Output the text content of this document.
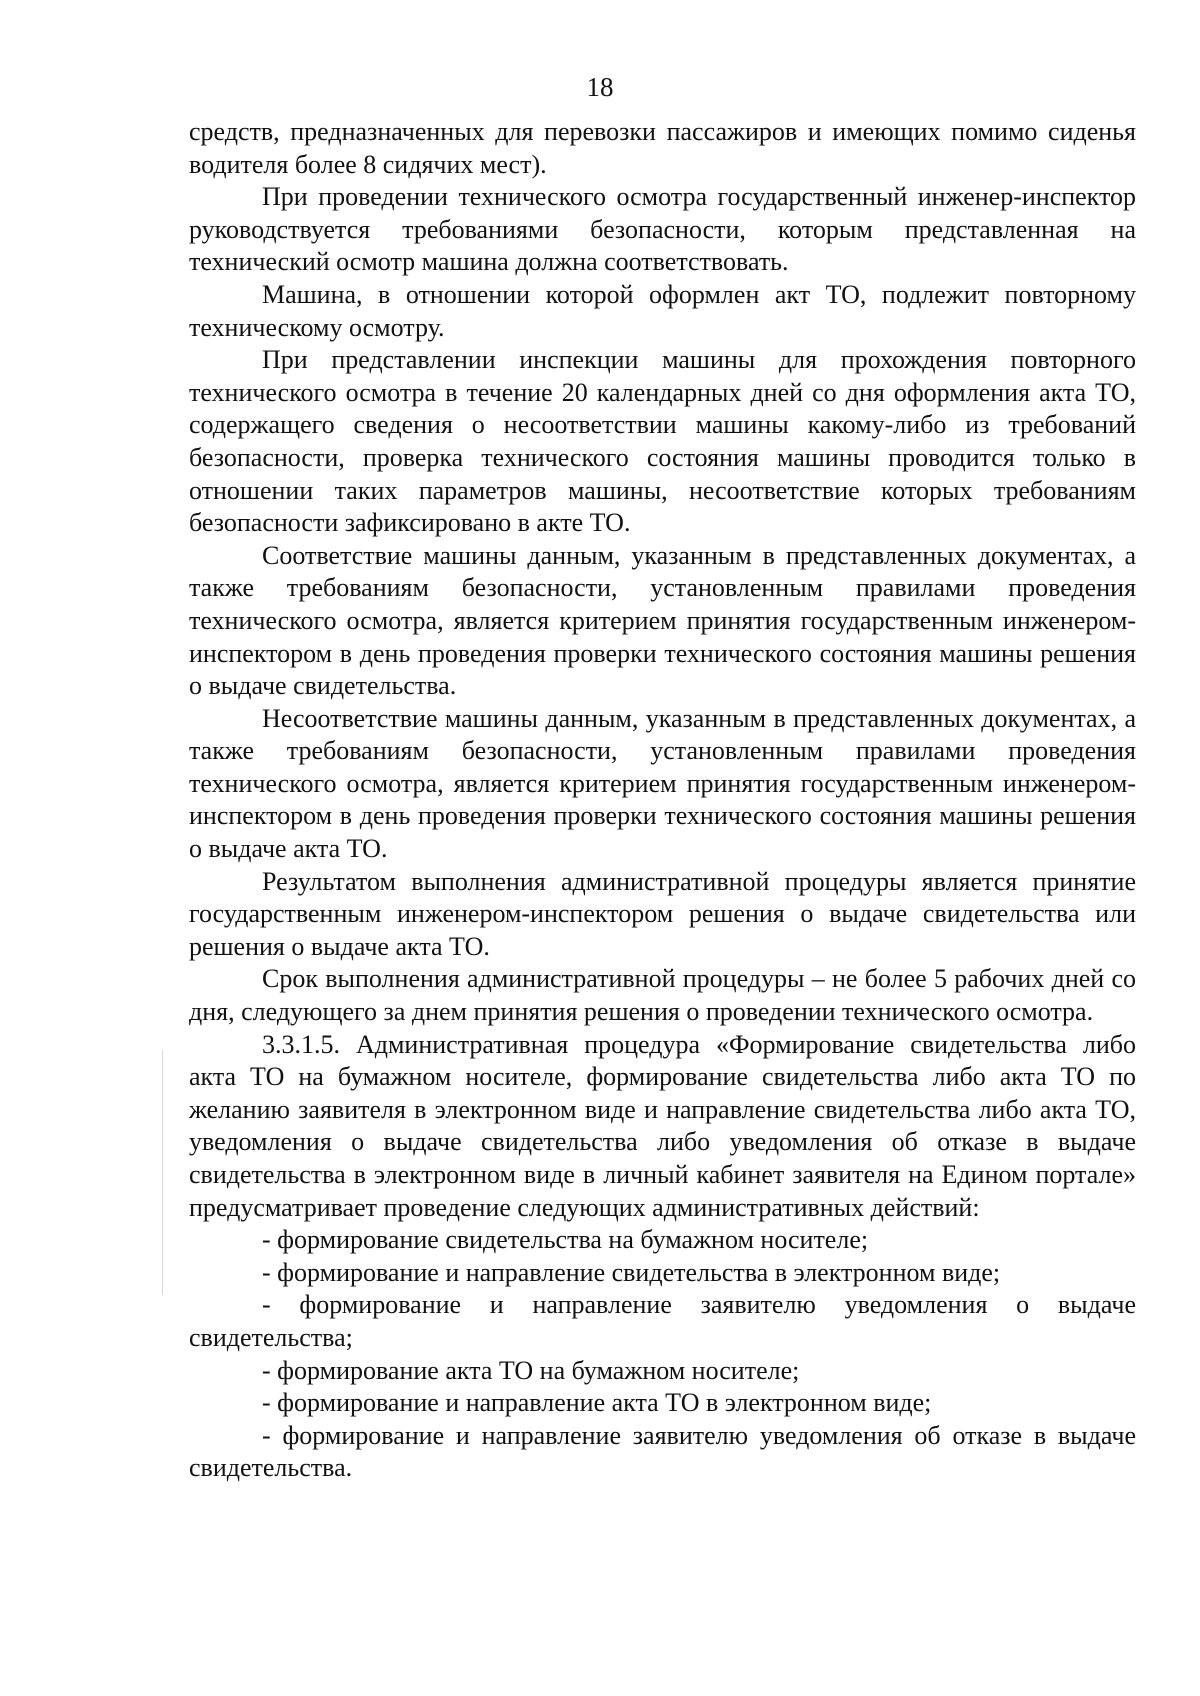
18

средств, предназначенных для перевозки пассажиров и имеющих помимо сиденья водителя более 8 сидячих мест).

При проведении технического осмотра государственный инженер-инспектор руководствуется требованиями безопасности, которым представленная на технический осмотр машина должна соответствовать.

Машина, в отношении которой оформлен акт ТО, подлежит повторному техническому осмотру.

При представлении инспекции машины для прохождения повторного технического осмотра в течение 20 календарных дней со дня оформления акта ТО, содержащего сведения о несоответствии машины какому-либо из требований безопасности, проверка технического состояния машины проводится только в отношении таких параметров машины, несоответствие которых требованиям безопасности зафиксировано в акте ТО.

Соответствие машины данным, указанным в представленных документах, а также требованиям безопасности, установленным правилами проведения технического осмотра, является критерием принятия государственным инженером-инспектором в день проведения проверки технического состояния машины решения о выдаче свидетельства.

Несоответствие машины данным, указанным в представленных документах, а также требованиям безопасности, установленным правилами проведения технического осмотра, является критерием принятия государственным инженером-инспектором в день проведения проверки технического состояния машины решения о выдаче акта ТО.

Результатом выполнения административной процедуры является принятие государственным инженером-инспектором решения о выдаче свидетельства или решения о выдаче акта ТО.

Срок выполнения административной процедуры – не более 5 рабочих дней со дня, следующего за днем принятия решения о проведении технического осмотра.

3.3.1.5. Административная процедура «Формирование свидетельства либо акта ТО на бумажном носителе, формирование свидетельства либо акта ТО по желанию заявителя в электронном виде и направление свидетельства либо акта ТО, уведомления о выдаче свидетельства либо уведомления об отказе в выдаче свидетельства в электронном виде в личный кабинет заявителя на Едином портале» предусматривает проведение следующих административных действий:

- формирование свидетельства на бумажном носителе;

- формирование и направление свидетельства в электронном виде;

- формирование и направление заявителю уведомления о выдаче свидетельства;

- формирование акта ТО на бумажном носителе;

- формирование и направление акта ТО в электронном виде;

- формирование и направление заявителю уведомления об отказе в выдаче свидетельства.
